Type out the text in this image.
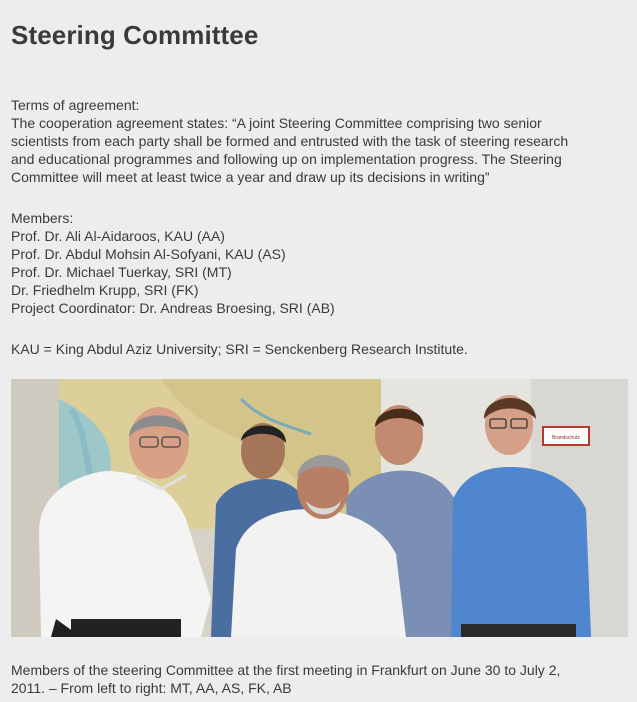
Steering Committee
Terms of agreement:
The cooperation agreement states: “A joint Steering Committee comprising two senior
scientists from each party shall be formed and entrusted with the task of steering research
and educational programmes and following up on implementation progress. The Steering
Committee will meet at least twice a year and draw up its decisions in writing”
Members:
Prof. Dr. Ali Al-Aidaroos, KAU (AA)
Prof. Dr. Abdul Mohsin Al-Sofyani, KAU (AS)
Prof. Dr. Michael Tuerkay, SRI (MT)
Dr. Friedhelm Krupp, SRI (FK)
Project Coordinator: Dr. Andreas Broesing, SRI (AB)
KAU = King Abdul Aziz University; SRI = Senckenberg Research Institute.
Brandschutz
Members of the steering Committee at the first meeting in Frankfurt on June 30 to July 2,
2011. – From left to right: MT, AA, AS, FK, AB
